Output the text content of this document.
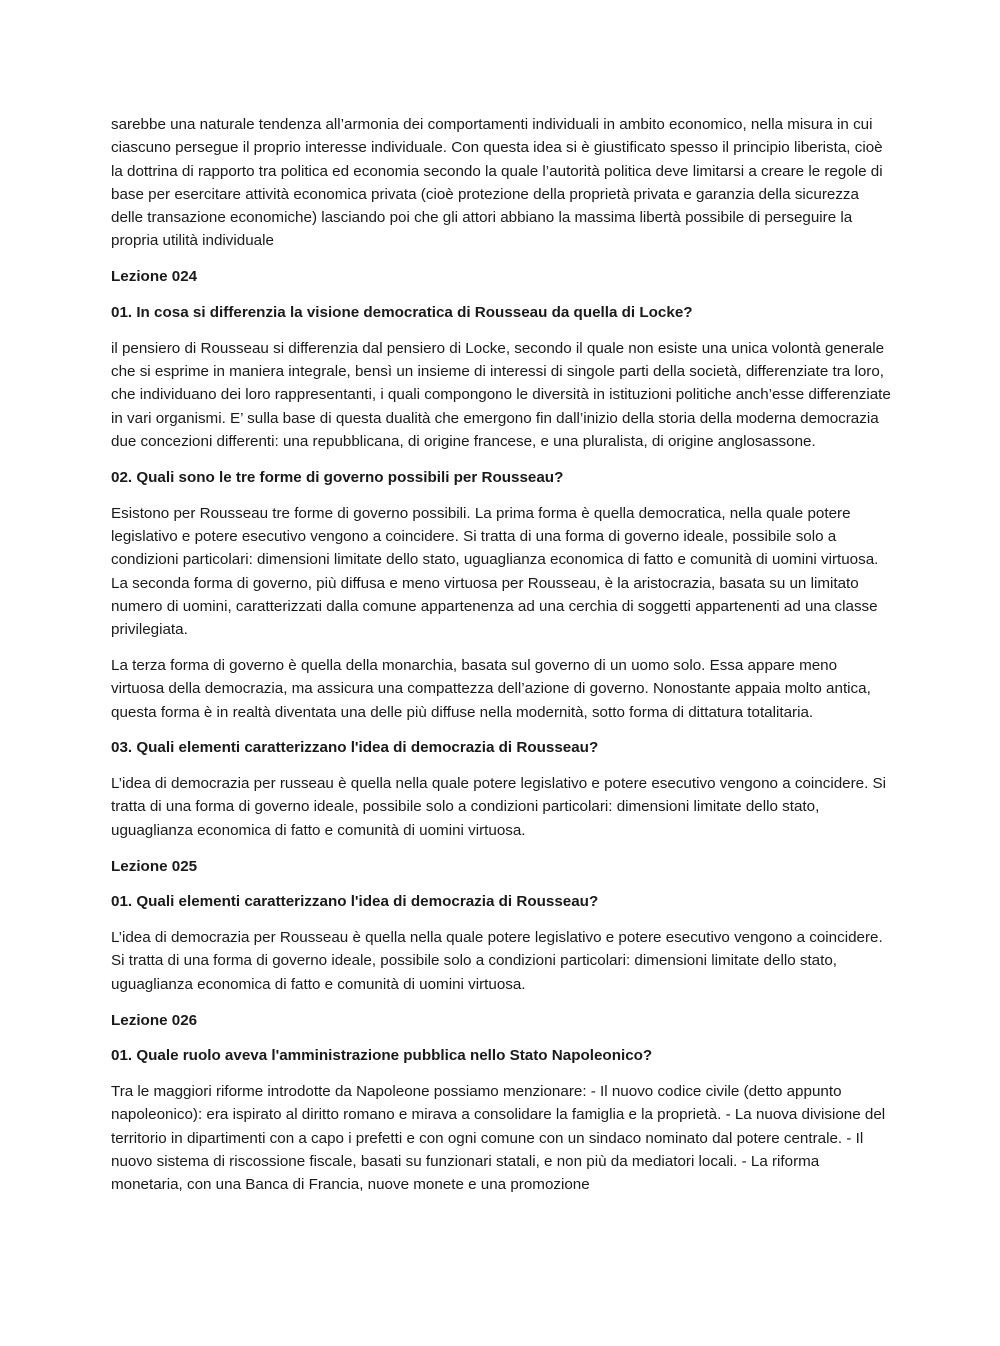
sarebbe una naturale tendenza all’armonia dei comportamenti individuali in ambito economico, nella misura in cui ciascuno persegue il proprio interesse individuale. Con questa idea si è giustificato spesso il principio liberista, cioè la dottrina di rapporto tra politica ed economia secondo la quale l’autorità politica deve limitarsi a creare le regole di base per esercitare attività economica privata (cioè protezione della proprietà privata e garanzia della sicurezza delle transazione economiche) lasciando poi che gli attori abbiano la massima libertà possibile di perseguire la propria utilità individuale

Lezione 024

01. In cosa si differenzia la visione democratica di Rousseau da quella di Locke?

il pensiero di Rousseau si differenzia dal pensiero di Locke, secondo il quale non esiste una unica volontà generale che si esprime in maniera integrale, bensì un insieme di interessi di singole parti della società, differenziate tra loro, che individuano dei loro rappresentanti, i quali compongono le diversità in istituzioni politiche anch’esse differenziate in vari organismi. E’ sulla base di questa dualità che emergono fin dall’inizio della storia della moderna democrazia due concezioni differenti: una repubblicana, di origine francese, e una pluralista, di origine anglosassone.

02. Quali sono le tre forme di governo possibili per Rousseau?

Esistono per Rousseau tre forme di governo possibili. La prima forma è quella democratica, nella quale potere legislativo e potere esecutivo vengono a coincidere. Si tratta di una forma di governo ideale, possibile solo a condizioni particolari: dimensioni limitate dello stato, uguaglianza economica di fatto e comunità di uomini virtuosa. La seconda forma di governo, più diffusa e meno virtuosa per Rousseau, è la aristocrazia, basata su un limitato numero di uomini, caratterizzati dalla comune appartenenza ad una cerchia di soggetti appartenenti ad una classe privilegiata.

La terza forma di governo è quella della monarchia, basata sul governo di un uomo solo. Essa appare meno virtuosa della democrazia, ma assicura una compattezza dell’azione di governo. Nonostante appaia molto antica, questa forma è in realtà diventata una delle più diffuse nella modernità, sotto forma di dittatura totalitaria.

03. Quali elementi caratterizzano l'idea di democrazia di Rousseau?

L’idea di democrazia per russeau è quella nella quale potere legislativo e potere esecutivo vengono a coincidere. Si tratta di una forma di governo ideale, possibile solo a condizioni particolari: dimensioni limitate dello stato, uguaglianza economica di fatto e comunità di uomini virtuosa.

Lezione 025

01. Quali elementi caratterizzano l'idea di democrazia di Rousseau?

L’idea di democrazia per Rousseau è quella nella quale potere legislativo e potere esecutivo vengono a coincidere. Si tratta di una forma di governo ideale, possibile solo a condizioni particolari: dimensioni limitate dello stato, uguaglianza economica di fatto e comunità di uomini virtuosa.

Lezione 026

01. Quale ruolo aveva l'amministrazione pubblica nello Stato Napoleonico?

Tra le maggiori riforme introdotte da Napoleone possiamo menzionare: - Il nuovo codice civile (detto appunto napoleonico): era ispirato al diritto romano e mirava a consolidare la famiglia e la proprietà. - La nuova divisione del territorio in dipartimenti con a capo i prefetti e con ogni comune con un sindaco nominato dal potere centrale. - Il nuovo sistema di riscossione fiscale, basati su funzionari statali, e non più da mediatori locali. - La riforma monetaria, con una Banca di Francia, nuove monete e una promozione
